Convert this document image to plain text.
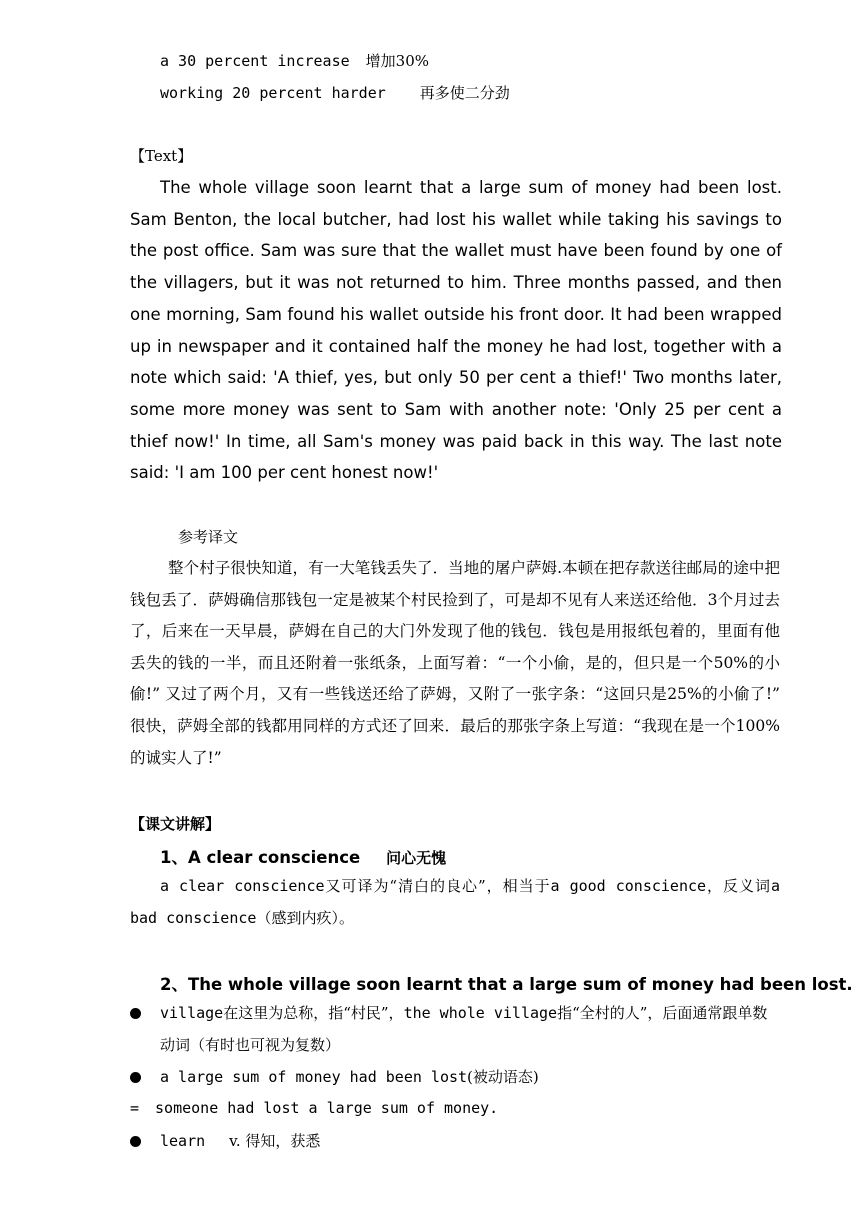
a 30 percent increase 增加30%
working 20 percent harder 再多使二分劲
【Text】
The whole village soon learnt that a large sum of money had been lost. Sam Benton, the local butcher, had lost his wallet while taking his savings to the post office. Sam was sure that the wallet must have been found by one of the villagers, but it was not returned to him. Three months passed, and then one morning, Sam found his wallet outside his front door. It had been wrapped up in newspaper and it contained half the money he had lost, together with a note which said: 'A thief, yes, but only 50 per cent a thief!' Two months later, some more money was sent to Sam with another note: 'Only 25 per cent a thief now!' In time, all Sam's money was paid back in this way. The last note said: 'I am 100 per cent honest now!'
参考译文
整个村子很快知道，有一大笔钱丢失了．当地的屠户萨姆.本顿在把存款送往邮局的途中把钱包丢了．萨姆确信那钱包一定是被某个村民捡到了，可是却不见有人来送还给他．3个月过去了，后来在一天早晨，萨姆在自己的大门外发现了他的钱包．钱包是用报纸包着的，里面有他丢失的钱的一半，而且还附着一张纸条，上面写着：“一个小偷，是的，但只是一个50%的小偷!” 又过了两个月，又有一些钱送还给了萨姆，又附了一张字条：“这回只是25%的小偷了!” 很快，萨姆全部的钱都用同样的方式还了回来．最后的那张字条上写道：“我现在是一个100%的诚实人了!”
【课文讲解】
1、A clear conscience 问心无愧
a clear conscience又可译为“清白的良心”，相当于a good conscience，反义词a bad conscience（感到内疚）。
2、The whole village soon learnt that a large sum of money had been lost.
village在这里为总称，指“村民”，the whole village指“全村的人”，后面通常跟单数动词（有时也可视为复数）
a large sum of money had been lost(被动语态)
= someone had lost a large sum of money.
learn v. 得知，获悉
